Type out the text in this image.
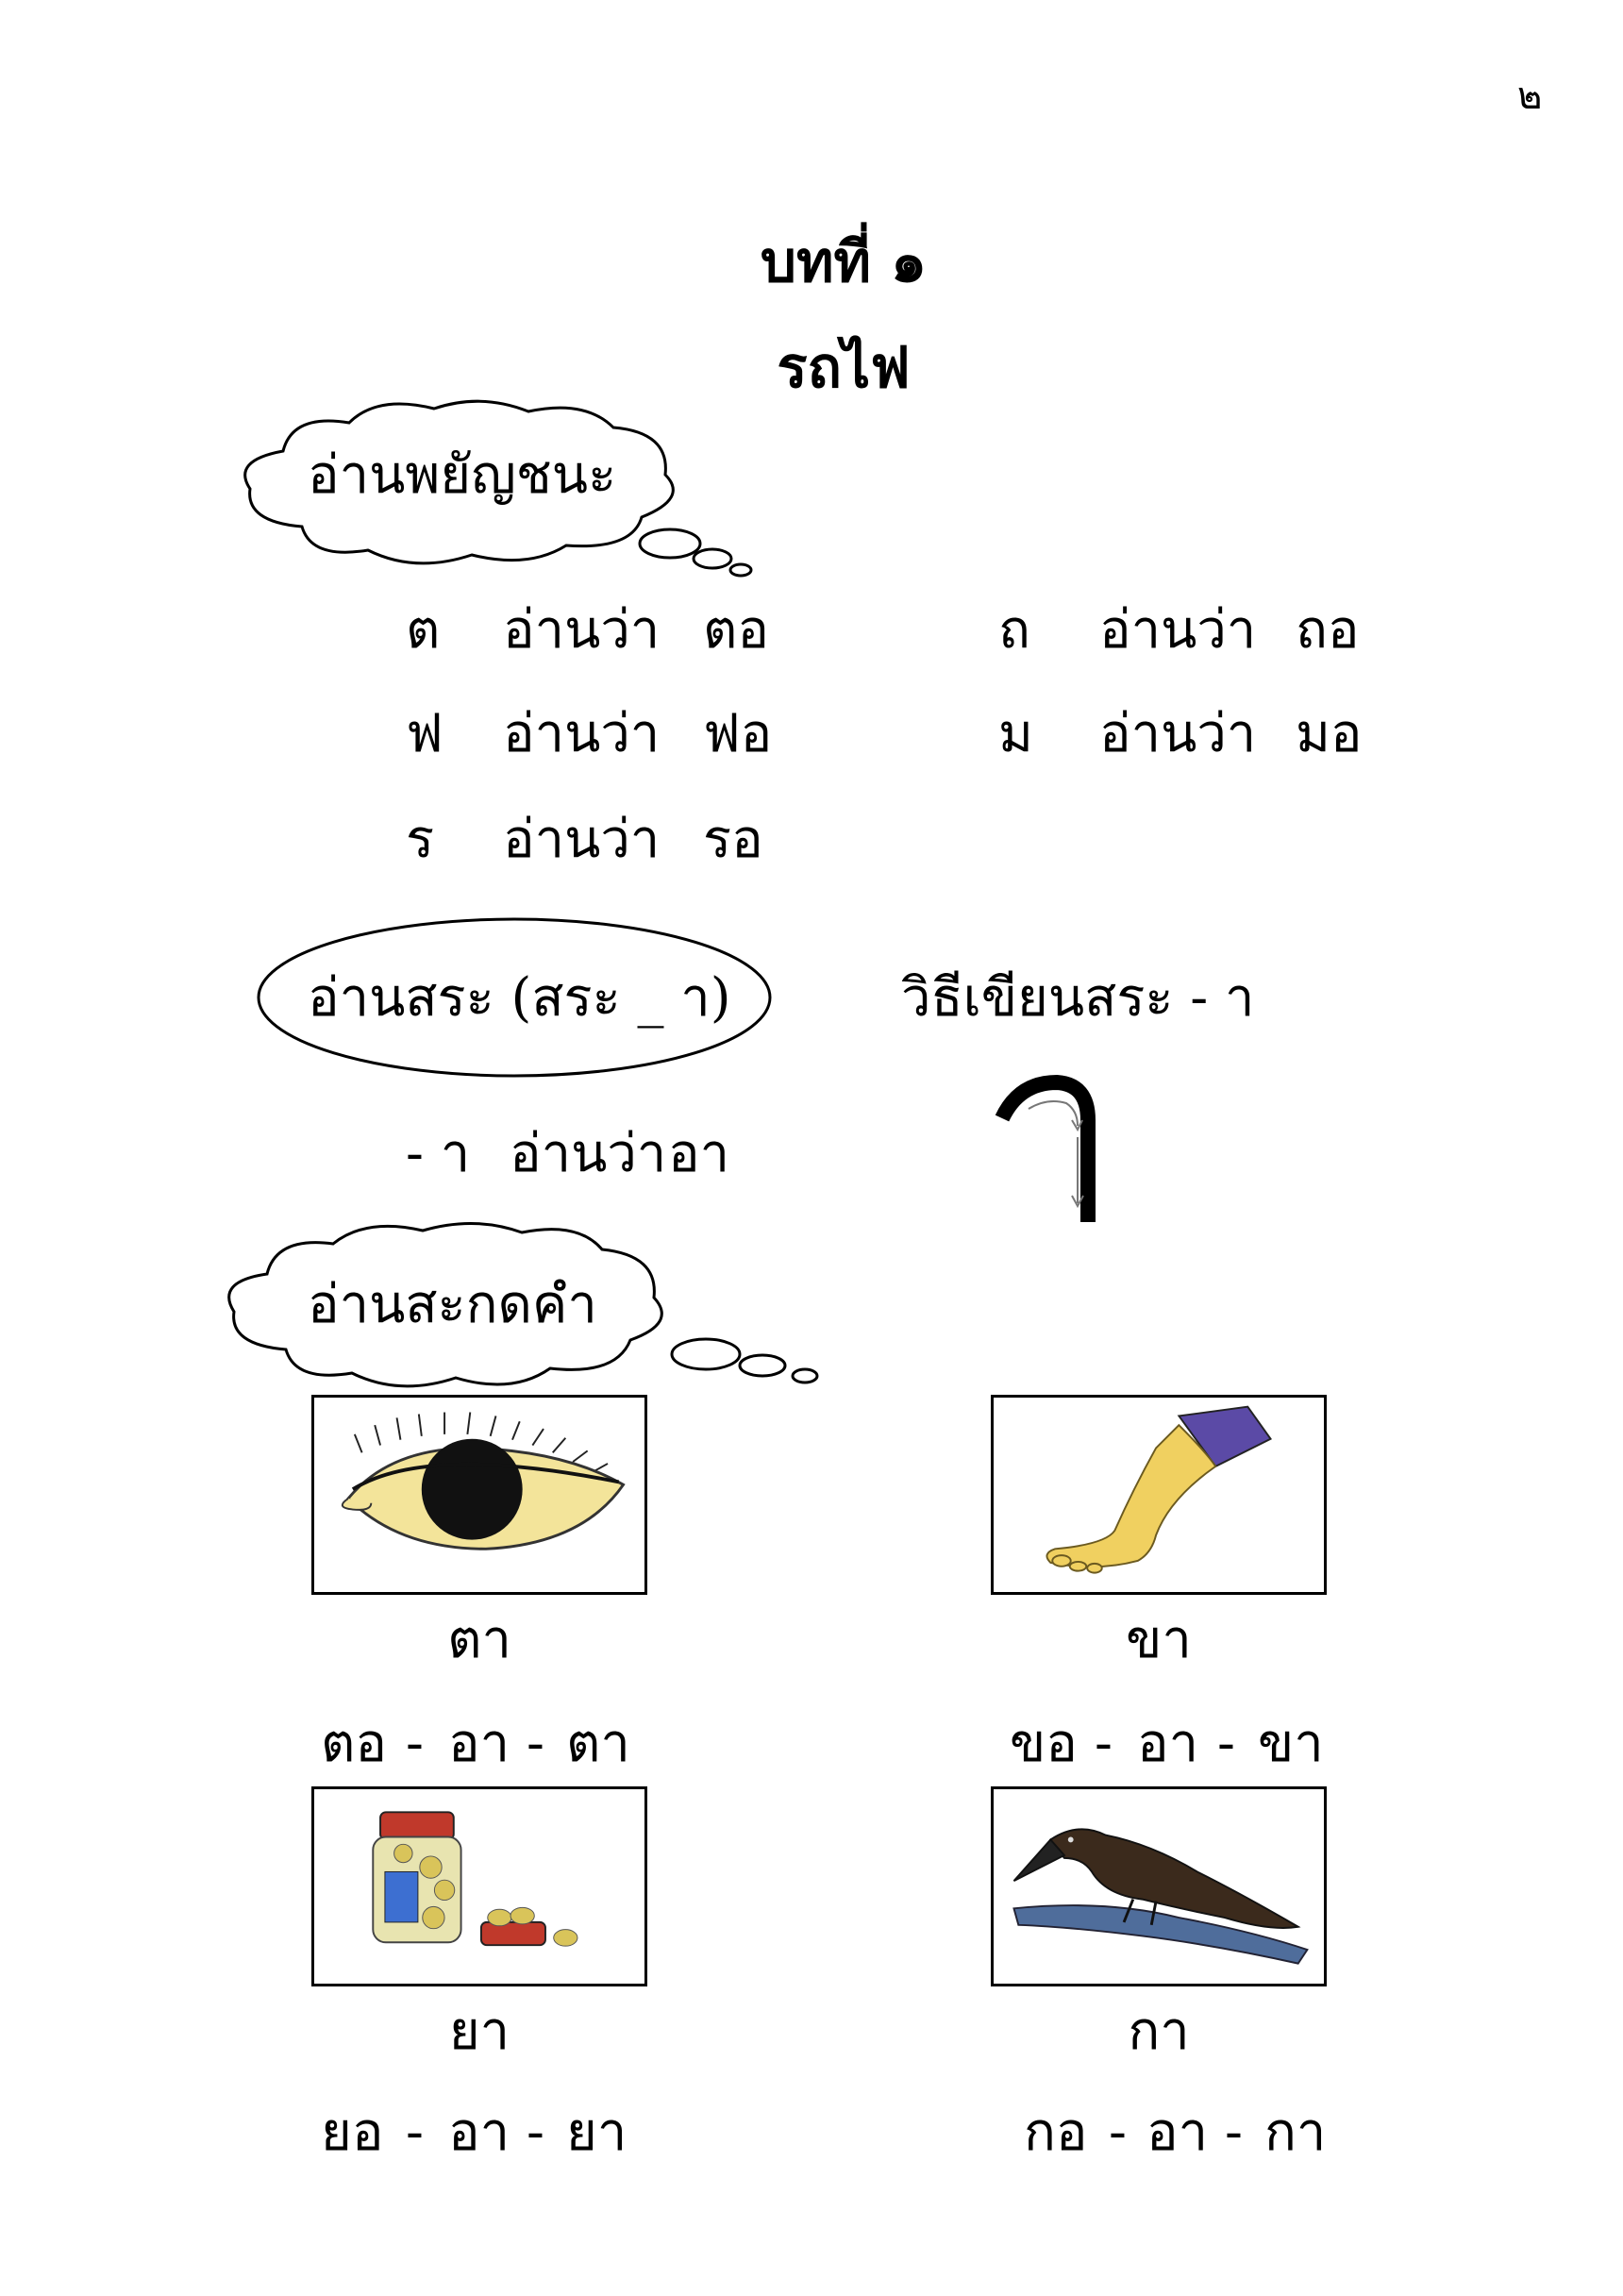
๒
บทที่ ๑
รถไฟ
อ่านพยัญชนะ
ต อ่านว่า ตอ	ถ อ่านว่า ถอ
ฟ อ่านว่า ฟอ	ม อ่านว่า มอ
ร อ่านว่า รอ
อ่านสระ (สระ _ า)	วิธีเขียนสระ - า
- า อ่านว่า อา
อ่านสะกดคำ
ตา
ตอ - อา - ตา
ขา
ขอ - อา - ขา
ยา
ยอ - อา - ยา
กา
กอ - อา - กา
